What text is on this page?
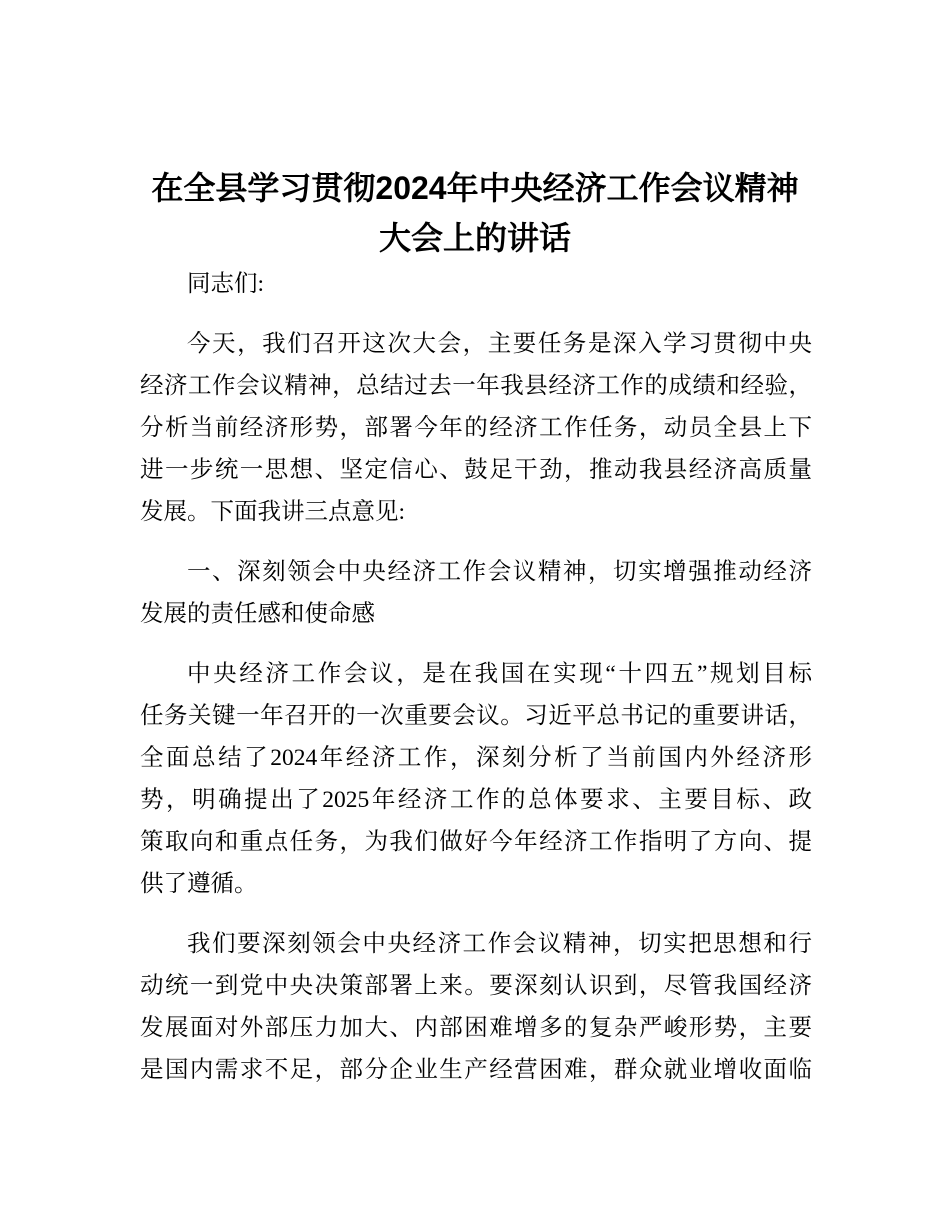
在全县学习贯彻2024年中央经济工作会议精神
大会上的讲话

同志们:

今天，我们召开这次大会，主要任务是深入学习贯彻中央
经济工作会议精神，总结过去一年我县经济工作的成绩和经验，
分析当前经济形势，部署今年的经济工作任务，动员全县上下
进一步统一思想、坚定信心、鼓足干劲，推动我县经济高质量
发展。下面我讲三点意见:

一、深刻领会中央经济工作会议精神，切实增强推动经济
发展的责任感和使命感

中央经济工作会议，是在我国在实现“十四五”规划目标
任务关键一年召开的一次重要会议。习近平总书记的重要讲话，
全面总结了2024年经济工作，深刻分析了当前国内外经济形
势，明确提出了2025年经济工作的总体要求、主要目标、政
策取向和重点任务，为我们做好今年经济工作指明了方向、提
供了遵循。

我们要深刻领会中央经济工作会议精神，切实把思想和行
动统一到党中央决策部署上来。要深刻认识到，尽管我国经济
发展面对外部压力加大、内部困难增多的复杂严峻形势，主要
是国内需求不足，部分企业生产经营困难，群众就业增收面临
